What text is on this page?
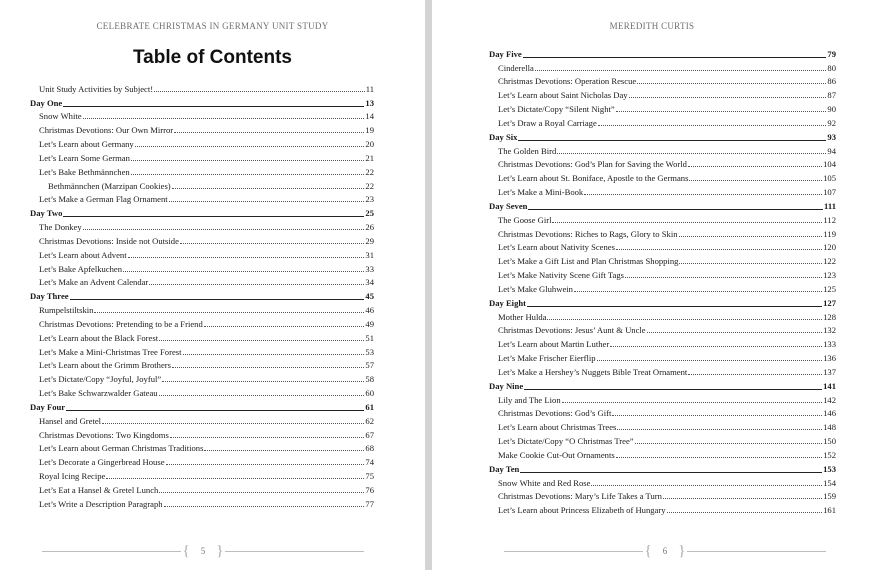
CELEBRATE CHRISTMAS IN GERMANY UNIT STUDY
Table of Contents
Unit Study Activities by Subject!	11
Day One	13
Snow White	14
Christmas Devotions: Our Own Mirror	19
Let’s Learn about Germany	20
Let’s Learn Some German	21
Let’s Bake Bethmännchen	22
Bethmännchen (Marzipan Cookies)	22
Let’s Make a German Flag Ornament	23
Day Two	25
The Donkey	26
Christmas Devotions: Inside not Outside	29
Let’s Learn about Advent	31
Let’s Bake Apfelkuchen	33
Let’s Make an Advent Calendar	34
Day Three	45
Rumpelstiltskin	46
Christmas Devotions: Pretending to be a Friend	49
Let’s Learn about the Black Forest	51
Let’s Make a Mini-Christmas Tree Forest	53
Let’s Learn about the Grimm Brothers	57
Let’s Dictate/Copy “Joyful, Joyful”	58
Let’s Bake Schwarzwalder Gateau	60
Day Four	61
Hansel and Gretel	62
Christmas Devotions: Two Kingdoms	67
Let’s Learn about German Christmas Traditions	68
Let’s Decorate a Gingerbread House	74
Royal Icing Recipe	75
Let’s Eat a Hansel & Gretel Lunch	76
Let’s Write a Description Paragraph	77
{	5 }
MEREDITH CURTIS
Day Five	79
Cinderella	80
Christmas Devotions: Operation Rescue	86
Let’s Learn about Saint Nicholas Day	87
Let’s Dictate/Copy “Silent Night”	90
Let’s Draw a Royal Carriage	92
Day Six	93
The Golden Bird	94
Christmas Devotions: God’s Plan for Saving the World	104
Let’s Learn about St. Boniface, Apostle to the Germans	105
Let’s Make a Mini-Book	107
Day Seven	111
The Goose Girl	112
Christmas Devotions: Riches to Rags, Glory to Skin	119
Let’s Learn about Nativity Scenes	120
Let’s Make a Gift List and Plan Christmas Shopping	122
Let’s Make Nativity Scene Gift Tags	123
Let’s Make Gluhwein	125
Day Eight	127
Mother Hulda	128
Christmas Devotions: Jesus’ Aunt & Uncle	132
Let’s Learn about Martin Luther	133
Let’s Make Frischer Eierflip	136
Let’s Make a Hershey’s Nuggets Bible Treat Ornament	137
Day Nine	141
Lily and The Lion	142
Christmas Devotions: God’s Gift	146
Let’s Learn about Christmas Trees	148
Let’s Dictate/Copy “O Christmas Tree”	150
Make Cookie Cut-Out Ornaments	152
Day Ten	153
Snow White and Red Rose	154
Christmas Devotions: Mary’s Life Takes a Turn	159
Let’s Learn about Princess Elizabeth of Hungary	161
{	6 }
